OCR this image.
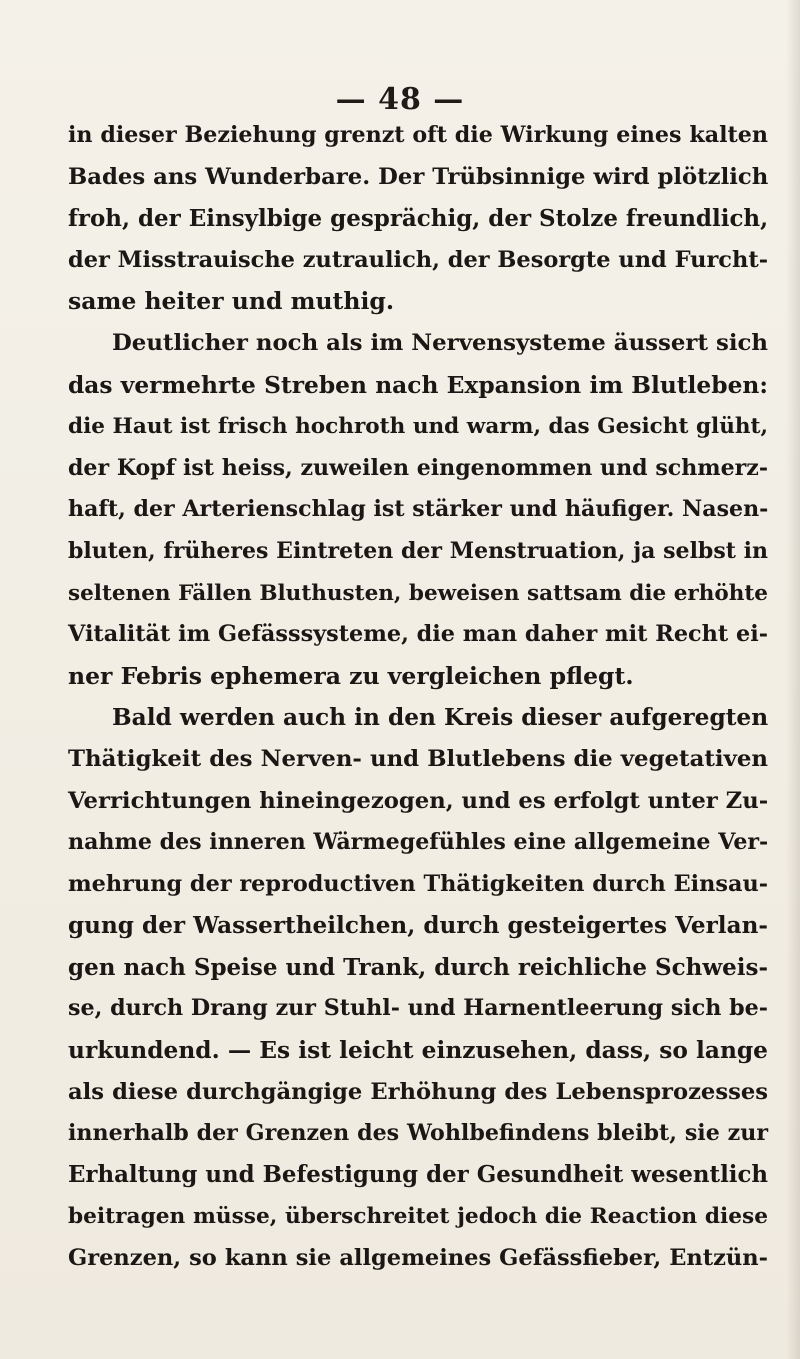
— 48 —
in dieser Beziehung grenzt oft die Wirkung eines kalten
Bades ans Wunderbare. Der Trübsinnige wird plötzlich
froh, der Einsylbige gesprächig, der Stolze freundlich,
der Misstrauische zutraulich, der Besorgte und Furcht-
same heiter und muthig.
Deutlicher noch als im Nervensysteme äussert sich
das vermehrte Streben nach Expansion im Blutleben:
die Haut ist frisch hochroth und warm, das Gesicht glüht,
der Kopf ist heiss, zuweilen eingenommen und schmerz-
haft, der Arterienschlag ist stärker und häufiger. Nasen-
bluten, früheres Eintreten der Menstruation, ja selbst in
seltenen Fällen Bluthusten, beweisen sattsam die erhöhte
Vitalität im Gefässsysteme, die man daher mit Recht ei-
ner Febris ephemera zu vergleichen pflegt.
Bald werden auch in den Kreis dieser aufgeregten
Thätigkeit des Nerven- und Blutlebens die vegetativen
Verrichtungen hineingezogen, und es erfolgt unter Zu-
nahme des inneren Wärmegefühles eine allgemeine Ver-
mehrung der reproductiven Thätigkeiten durch Einsau-
gung der Wassertheilchen, durch gesteigertes Verlan-
gen nach Speise und Trank, durch reichliche Schweis-
se, durch Drang zur Stuhl- und Harnentleerung sich be-
urkundend. — Es ist leicht einzusehen, dass, so lange
als diese durchgängige Erhöhung des Lebensprozesses
innerhalb der Grenzen des Wohlbefindens bleibt, sie zur
Erhaltung und Befestigung der Gesundheit wesentlich
beitragen müsse, überschreitet jedoch die Reaction diese
Grenzen, so kann sie allgemeines Gefässfieber, Entzün-
